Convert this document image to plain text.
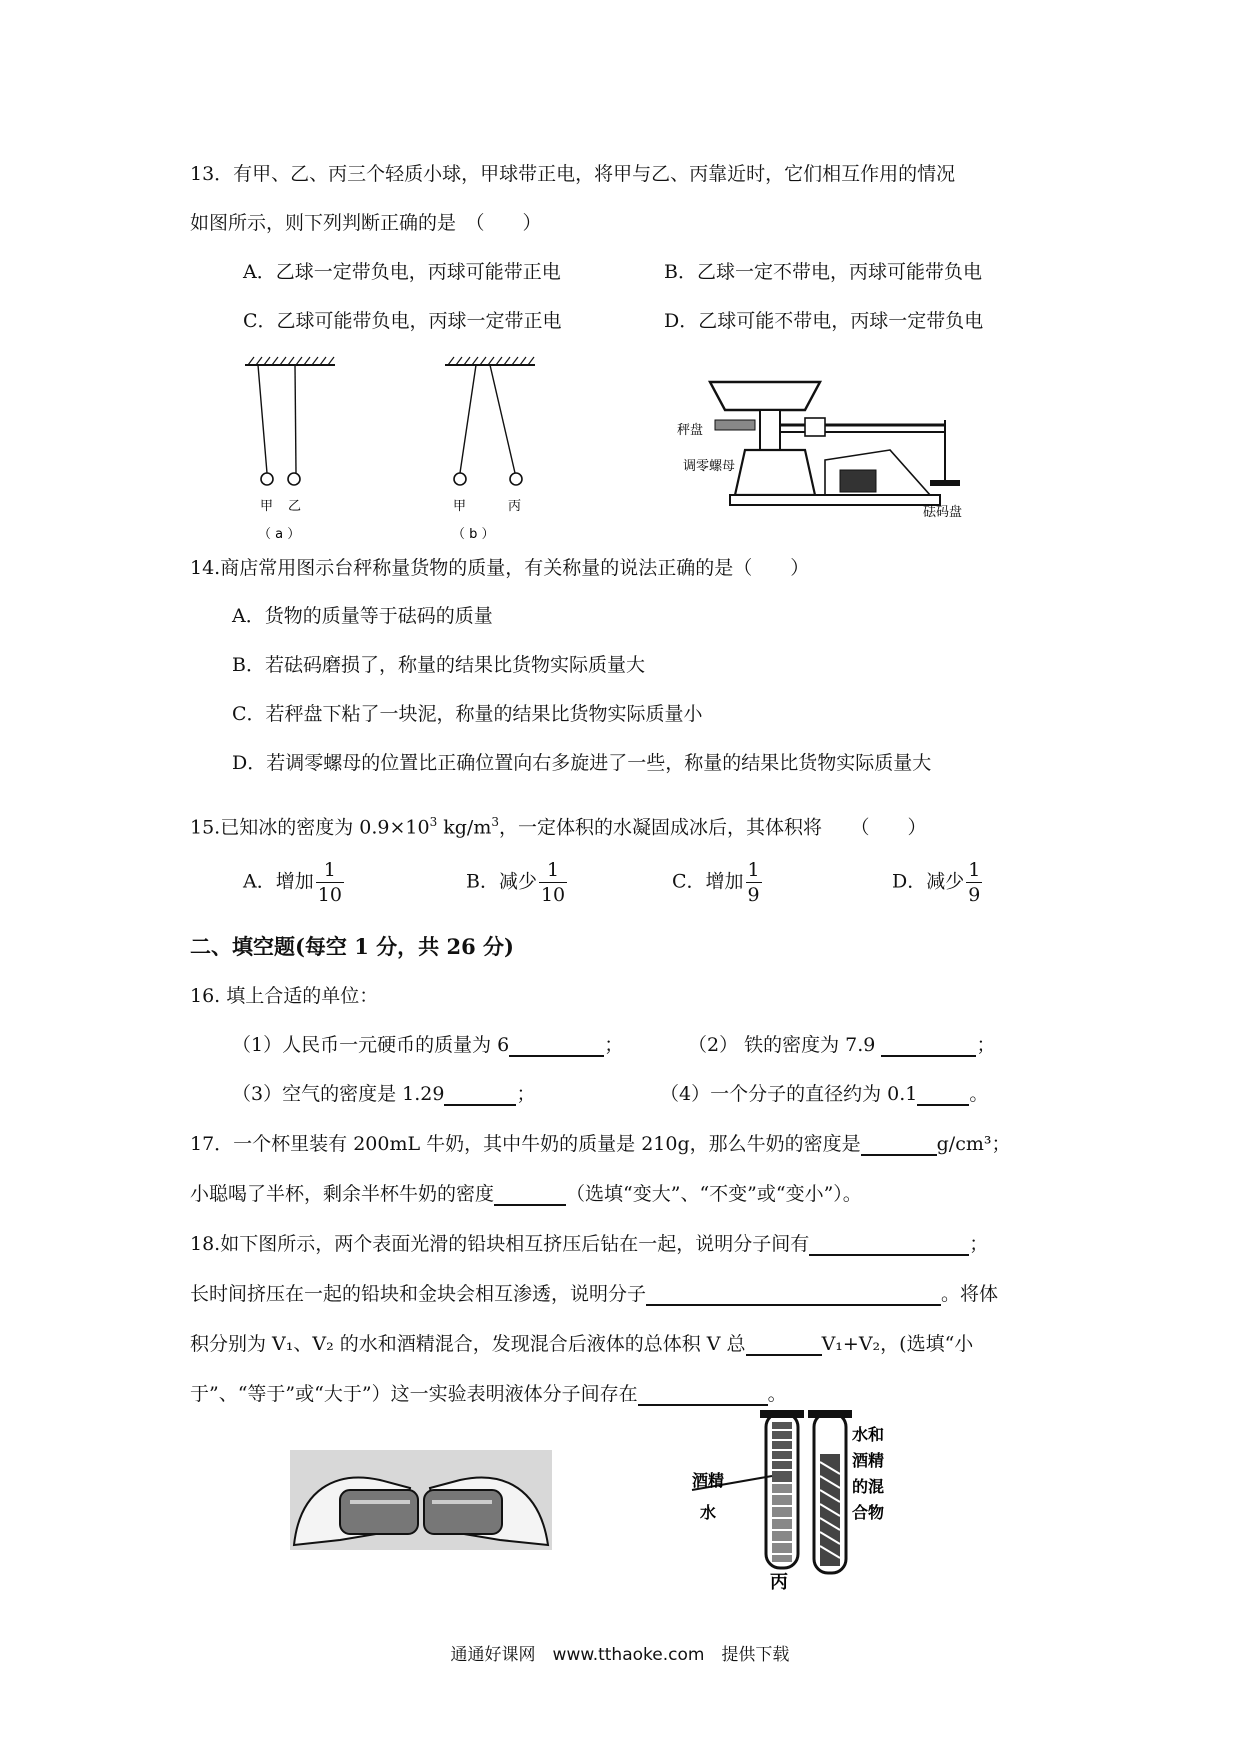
13．有甲、乙、丙三个轻质小球，甲球带正电，将甲与乙、丙靠近时，它们相互作用的情况
如图所示，则下列判断正确的是　（　　）
A．乙球一定带负电，丙球可能带正电	B．乙球一定不带电，丙球可能带负电
C．乙球可能带负电，丙球一定带正电	D．乙球可能不带电，丙球一定带负电
甲 乙
（ a ）
甲	丙
（ b ）
秤盘
调零螺母
砝码盘
14.商店常用图示台秤称量货物的质量，有关称量的说法正确的是（　　）
A．货物的质量等于砝码的质量
B．若砝码磨损了，称量的结果比货物实际质量大
C．若秤盘下粘了一块泥，称量的结果比货物实际质量小
D．若调零螺母的位置比正确位置向右多旋进了一些，称量的结果比货物实际质量大
15.已知冰的密度为 $0.9\times 10^3$ $kg/m^3$，一定体积的水凝固成冰后，其体积将　　（　　）
A．增加 $\frac{1}{10}$	B．减少 $\frac{1}{10}$	C．增加 $\frac{1}{9}$	D．减少 $\frac{1}{9}$
二、填空题(每空 1 分，共 26 分)
16. 填上合适的单位：
（1）人民币一元硬币的质量为 6	；	（2） 铁的密度为 7.9	；
（3）空气的密度是 1.29	；	（4）一个分子的直径约为 0.1	。
17．一个杯里装有 200mL 牛奶，其中牛奶的质量是 210g，那么牛奶的密度是	g/cm³；
小聪喝了半杯，剩余半杯牛奶的密度	（选填“变大”、“不变”或“变小”）。
18.如下图所示，两个表面光滑的铅块相互挤压后钻在一起，说明分子间有	；
长时间挤压在一起的铅块和金块会相互渗透，说明分子	。将体
积分别为 V₁、V₂ 的水和酒精混合，发现混合后液体的总体积 V 总	V₁+V₂，(选填“小
于”、“等于”或“大于”）这一实验表明液体分子间存在	。
酒精
水
水和
酒精
的混
合物
丙
通通好课网　www.tthaoke.com　提供下载
